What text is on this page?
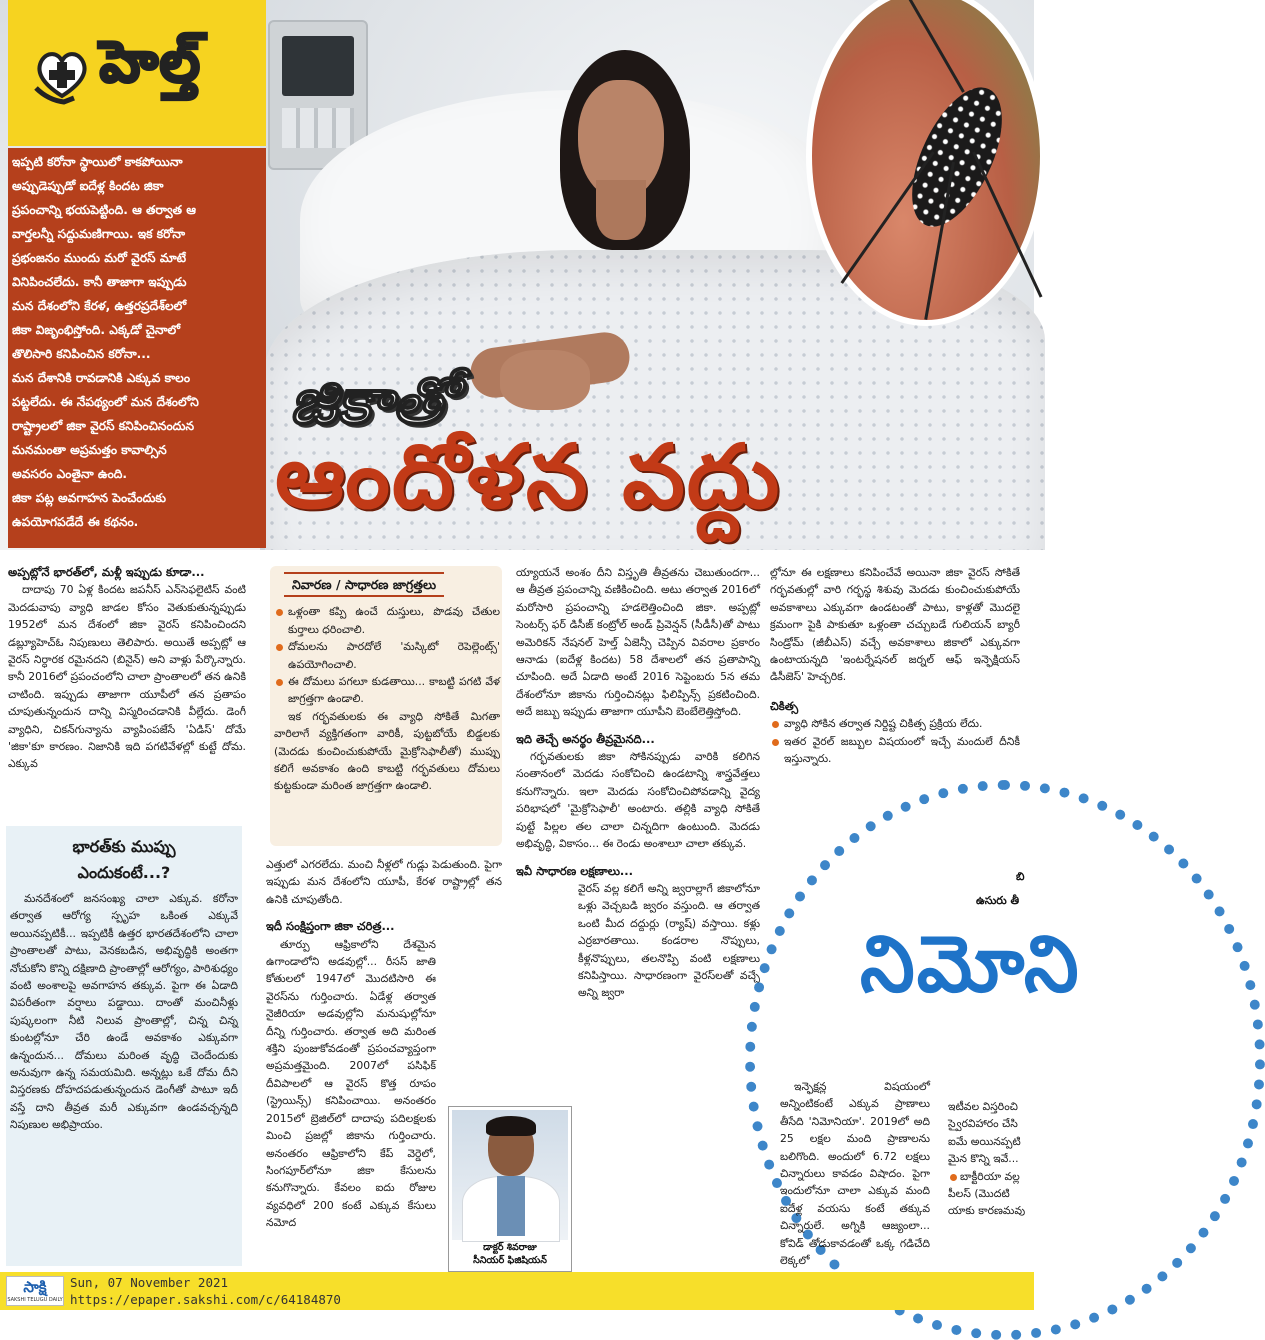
హెల్త్

ఇప్పటి కరోనా స్థాయిలో కాకపోయినా

అప్పుడెప్పుడో ఐదేళ్ల కిందట జికా

ప్రపంచాన్ని భయపెట్టింది. ఆ తర్వాత ఆ

వార్తలన్నీ సద్దుమణిగాయి. ఇక కరోనా

ప్రభంజనం ముందు మరో వైరస్ మాటే

వినిపించలేదు. కానీ తాజాగా ఇప్పుడు

మన దేశంలోని కేరళ, ఉత్తరప్రదేశ్‌లలో

జికా విజృంభిస్తోంది. ఎక్కడో చైనాలో

తొలిసారి కనిపించిన కరోనా...

మన దేశానికి రావడానికి ఎక్కువ కాలం

పట్టలేదు. ఈ నేపథ్యంలో మన దేశంలోని

రాష్ట్రాలలో జికా వైరస్ కనిపించినందున

మనమంతా అప్రమత్తం కావాల్సిన

అవసరం ఎంతైనా ఉంది.

జికా పట్ల అవగాహన పెంచేందుకు

ఉపయోగపడేదే ఈ కథనం.

జికాతో
ఆందోళన వద్దు

అప్పట్లోనే భారత్‌లో, మళ్లీ ఇప్పుడు కూడా...

దాదాపు 70 ఏళ్ల కిందట జపనీస్ ఎన్‌సెఫలైటిస్ వంటి మెదడువాపు వ్యాధి జాడల కోసం వెతుకుతున్నప్పుడు 1952లో మన దేశంలో జికా వైరస్ కనిపించిందని డబ్ల్యూహెచ్‌ఓ నిపుణులు తెలిపారు. అయితే అప్పట్లో ఆ వైరస్ నిర్ధారక రమైనదని (బినైన్) అని వాళ్లు పేర్కొన్నారు. కానీ 2016లో ప్రపంచంలోని చాలా ప్రాంతాలలో తన ఉనికి చాటింది. ఇప్పుడు తాజాగా యూపీలో తన ప్రతాపం చూపుతున్నందున దాన్ని విస్మరించడానికి వీల్లేదు. డెంగీ వ్యాధిని, చికన్‌గున్యాను వ్యాపింపజేసే 'ఏడిస్' దోమే 'జికా'కూ కారణం. నిజానికి ఇది పగటివేళల్లో కుట్టే దోమ. ఎక్కువ

భారత్‌కు ముప్పు
ఎందుకంటే...?

మనదేశంలో జనసంఖ్య చాలా ఎక్కువ. కరోనా తర్వాత ఆరోగ్య స్పృహ ఒకింత ఎక్కువే అయినప్పటికీ... ఇప్పటికీ ఉత్తర భారతదేశంలోని చాలా ప్రాంతాలతో పాటు, వెనకబడిన, అభివృద్ధికి అంతగా నోచుకోని కొన్ని దక్షిణాది ప్రాంతాల్లో ఆరోగ్యం, పారిశుధ్యం వంటి అంశాలపై అవగాహన తక్కువ. పైగా ఈ ఏడాది విపరీతంగా వర్షాలు పడ్డాయి. దాంతో మంచినీళ్లు పుష్కలంగా నీటి నిలువ ప్రాంతాల్లో, చిన్న చిన్న కుంటల్లోనూ చేరి ఉండే అవకాశం ఎక్కువగా ఉన్నందున... దోమలు మరింత వృద్ధి చెందేందుకు అనువుగా ఉన్న సమయమిది. అన్నట్లు ఒకే దోమ దీని విస్తరణకు దోహదపడుతున్నందున డెంగీతో పాటూ ఇదీ వస్తే దాని తీవ్రత మరీ ఎక్కువగా ఉండవచ్చన్నది నిపుణుల అభిప్రాయం.

నివారణ / సాధారణ జాగ్రత్తలు
ఒళ్లంతా కప్పి ఉంచే దుస్తులు, పొడవు చేతుల కుర్తాలు ధరించాలి.
దోమలను పారదోలే 'మస్కిటో రెపెల్లెంట్స్' ఉపయోగించాలి.
ఈ దోమలు పగలూ కుడతాయి... కాబట్టి పగటి వేళ జాగ్రత్తగా ఉండాలి.

ఇక గర్భవతులకు ఈ వ్యాధి సోకితే మిగతా వారిలాగే వ్యక్తిగతంగా వారికీ, పుట్టబోయే బిడ్డలకు (మెదడు కుంచించుకుపోయే మైక్రోసెఫాలీతో) ముప్పు కలిగే అవకాశం ఉంది కాబట్టి గర్భవతులు దోమలు కుట్టకుండా మరింత జాగ్రత్తగా ఉండాలి.

ఎత్తులో ఎగరలేదు. మంచి నీళ్లలో గుడ్లు పెడుతుంది. పైగా ఇప్పుడు మన దేశంలోని యూపీ, కేరళ రాష్ట్రాల్లో తన ఉనికి చూపుతోంది.

ఇదీ సంక్షిప్తంగా జికా చరిత్ర...

తూర్పు ఆఫ్రికాలోని దేశమైన ఉగాండాలోని అడవుల్లో... రీసస్ జాతి కోతులలో 1947లో మొదటిసారి ఈ వైరస్‌ను గుర్తించారు. ఏడేళ్ల తర్వాత నైజీరియా అడవుల్లోని మనుషుల్లోనూ దీన్ని గుర్తించారు. తర్వాత అది మరింత శక్తిని పుంజుకోవడంతో ప్రపంచవ్యాప్తంగా అప్రమత్తమైంది. 2007లో పసిఫిక్ దీవిపాలలో ఆ వైరస్ కొత్త రూపం (స్ట్రెయిన్స్) కనిపించాయి. అనంతరం 2015లో బ్రెజిల్‌లో దాదాపు పదిలక్షలకు మించి ప్రజల్లో జికాను గుర్తించారు. అనంతరం ఆఫ్రికాలోని కేప్ వెర్డెలో, సింగపూర్‌లోనూ జికా కేసులను కనుగొన్నారు. కేవలం ఐదు రోజుల వ్యవధిలో 200 కంటే ఎక్కువ కేసులు నమోద

డాక్టర్ శివరాజు
సీనియర్ ఫిజిషియన్

య్యాయనే అంశం దీని విస్తృతి తీవ్రతను చెబుతుందగా... ఆ తీవ్రత ప్రపంచాన్ని వణికించింది. అటు తర్వాత 2016లో మరోసారి ప్రపంచాన్ని హడలెత్తించింది జికా. అప్పట్లో సెంటర్స్ ఫర్ డిసీజ్ కంట్రోల్ అండ్ ప్రివెన్షన్ (సీడీసీ)తో పాటు అమెరికన్ నేషనల్ హెల్త్ ఏజెన్సీ చెప్పిన వివరాల ప్రకారం ఆనాడు (ఐదేళ్ల కిందట) 58 దేశాలలో తన ప్రతాపాన్ని చూపింది. అదే ఏడాది అంటే 2016 సెప్టెంబరు 5న తమ దేశంలోనూ జికాను గుర్తించినట్లు ఫిలిప్పిన్స్ ప్రకటించింది. అదే జబ్బు ఇప్పుడు తాజాగా యూపీని బెంబేలెత్తిస్తోంది.

ఇది తెచ్చే అనర్థం తీవ్రమైనది...

గర్భవతులకు జికా సోకినప్పుడు వారికి కలిగిన సంతానంలో మెదడు సంకోచించి ఉండటాన్ని శాస్త్రవేత్తలు కనుగొన్నారు. ఇలా మెదడు సంకోచించిపోవడాన్ని వైద్య పరిభాషలో 'మైక్రోసెఫాలీ' అంటారు. తల్లికి వ్యాధి సోకితే పుట్టే పిల్లల తల చాలా చిన్నదిగా ఉంటుంది. మెదడు అభివృద్ధి, వికాసం... ఈ రెండు అంశాలూ చాలా తక్కువ.

ఇవీ సాధారణ లక్షణాలు...

వైరస్ వల్ల కలిగే అన్ని జ్వరాల్లాగే జికాలోనూ ఒళ్లు వెచ్చబడి జ్వరం వస్తుంది. ఆ తర్వాత ఒంటి మీద దద్దుర్లు (ర్యాష్) వస్తాయి. కళ్లు ఎర్రబారతాయి. కండరాల నొప్పులు, కీళ్లనొప్పులు, తలనొప్పి వంటి లక్షణాలు కనిపిస్తాయి. సాధారణంగా వైరస్‌లతో వచ్చే అన్ని జ్వరా	నిమోని
బి
ఉసురు తీ

ల్లోనూ ఈ లక్షణాలు కనిపించేవే అయినా జికా వైరస్ సోకితే గర్భవతుల్లో వారి గర్భస్థ శిశువు మెదడు కుంచించుకుపోయే అవకాశాలు ఎక్కువగా ఉండటంతో పాటు, కాళ్లతో మొదలై క్రమంగా పైకి పాకుతూ ఒళ్లంతా చచ్చుబడే గులియన్ బ్యారీ సిండ్రోమ్ (జీబీఎస్) వచ్చే అవకాశాలు జికాలో ఎక్కువగా ఉంటాయన్నది 'ఇంటర్నేషనల్ జర్నల్ ఆఫ్ ఇన్ఫెక్షియస్ డిసీజెస్' హెచ్చరిక.

చికిత్స

వ్యాధి సోకిన తర్వాత నిర్దిష్ట చికిత్స ప్రక్రియ లేదు.
ఇతర వైరల్ జబ్బుల విషయంలో ఇచ్చే మందులే దీనికీ ఇస్తున్నారు.

ఇన్ఫెక్షన్ల విషయంలో అన్నింటికంటే ఎక్కువ ప్రాణాలు తీసేది 'నిమోనియా'. 2019లో అది 25 లక్షల మంది ప్రాణాలను బలిగొంది. అందులో 6.72 లక్షలు చిన్నారులు కావడం విషాదం. పైగా ఇందులోనూ చాలా ఎక్కువ మంది ఐదేళ్ల వయసు కంటే తక్కువ చిన్నారులే. అగ్నికి ఆజ్యంలా... కోవిడ్ తోడుకావడంతో ఒక్క గడిచేది లెక్కలో

ఇటీవల విస్తరించి
స్వైరవిహారం చేసి
ఐమే అయినప్పటి
మైన కొన్ని ఇవే...
బాక్టీరియా వల్ల
పీలస్ (మొదటి
యాకు కారణమవు
సాక్షి
SAKSHI TELUGU DAILY
Sun, 07 November 2021
https://epaper.sakshi.com/c/64184870
